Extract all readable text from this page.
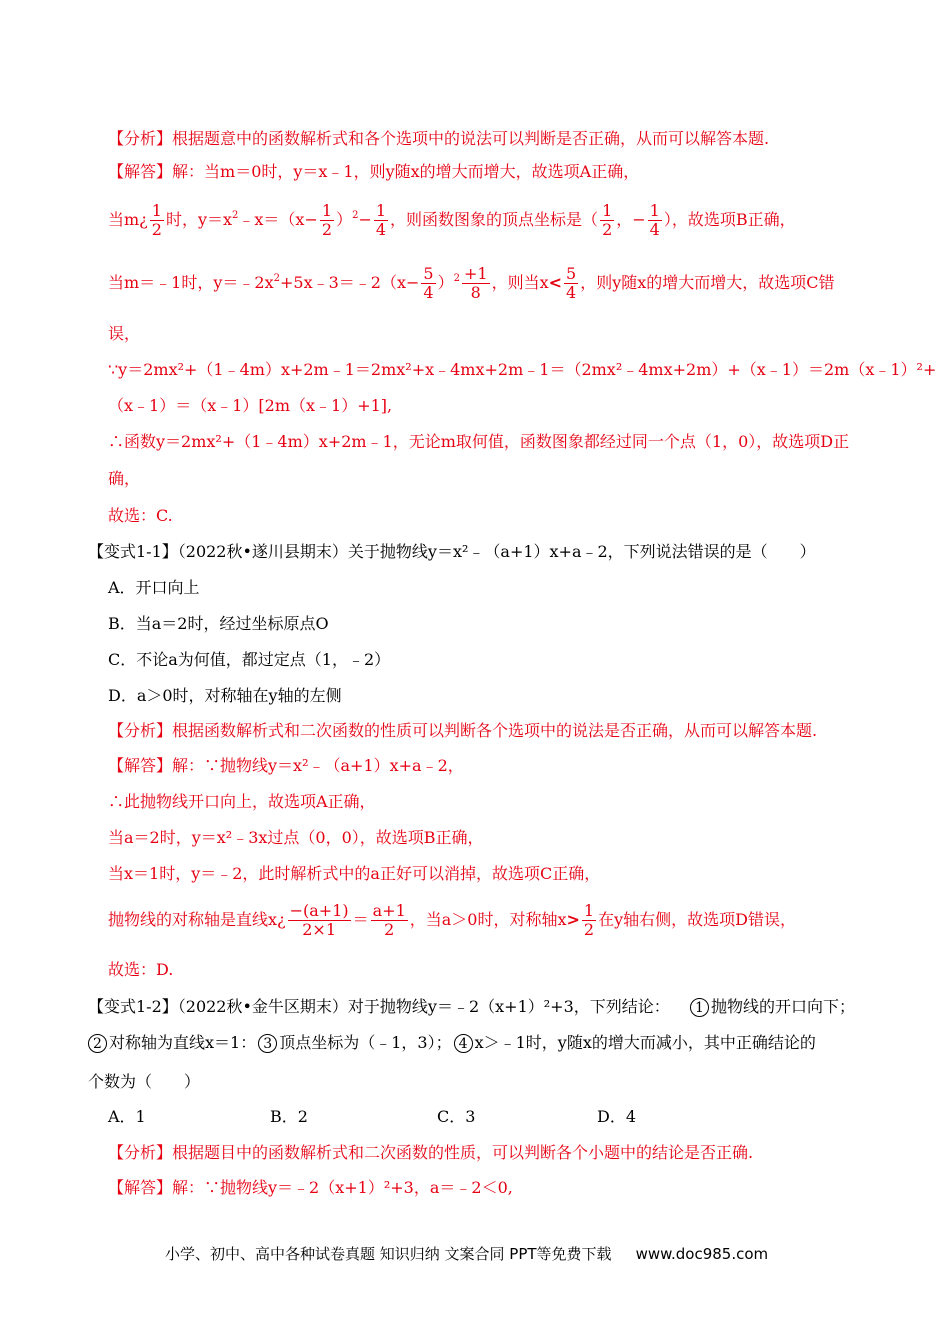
【分析】根据题意中的函数解析式和各个选项中的说法可以判断是否正确，从而可以解答本题.
【解答】解：当m＝0时，y＝x﹣1，则y随x的增大而增大，故选项A正确，
当m¿ $\frac{1}{2}$ 时，$y=x^2﹣x=(x- \frac{1}{2} )^2- \frac{1}{4}$ ，则函数图象的顶点坐标是（ $\frac{1}{2}$ ，− $\frac{1}{4}$ ），故选项B正确，
当m＝﹣1时，$y=﹣2x^2+5x﹣3=﹣2(x- \frac{5}{4} )^2 \frac{+1}{8}$ ，则当$x< \frac{5}{4}$ ，则y随x的增大而增大，故选项C错
误，
∵y＝2mx²+（1﹣4m）x+2m﹣1＝2mx²+x﹣4mx+2m﹣1＝（2mx²﹣4mx+2m）+（x﹣1）＝2m（x﹣1）²+
（x﹣1）＝（x﹣1）[2m（x﹣1）+1],
∴函数y＝2mx²+（1﹣4m）x+2m﹣1，无论m取何值，函数图象都经过同一个点（1，0），故选项D正
确，
故选：C.
【变式1-1】（2022秋•遂川县期末）关于抛物线y＝x²﹣（a+1）x+a﹣2，下列说法错误的是（　　）
A．开口向上
B．当a＝2时，经过坐标原点O
C．不论a为何值，都过定点（1，﹣2）
D．a＞0时，对称轴在y轴的左侧
【分析】根据函数解析式和二次函数的性质可以判断各个选项中的说法是否正确，从而可以解答本题.
【解答】解：∵抛物线y＝x²﹣（a+1）x+a﹣2，
∴此抛物线开口向上，故选项A正确，
当a＝2时，y＝x²﹣3x过点（0，0），故选项B正确，
当x＝1时，y＝﹣2，此时解析式中的a正好可以消掉，故选项C正确，
抛物线的对称轴是直线x¿ $\frac{-(a+1)}{2\times 1} = \frac{a+1}{2}$ ，当a＞0时，对称轴$x> \frac{1}{2}$ 在y轴右侧，故选项D错误，
故选：D.
【变式1-2】（2022秋•金牛区期末）对于抛物线y＝﹣2（x+1）²+3，下列结论：	1 抛物线的开口向下；
2 对称轴为直线x＝1： 3 顶点坐标为（﹣1，3）； 4 x＞﹣1时，y随x的增大而减小，其中正确结论的
个数为（　　）
A．1	B．2	C．3	D．4
【分析】根据题目中的函数解析式和二次函数的性质，可以判断各个小题中的结论是否正确.
【解答】解：∵抛物线y＝﹣2（x+1）²+3，a＝﹣2＜0,
小学、初中、高中各种试卷真题 知识归纳 文案合同 PPT等免费下载 www.doc985.com
